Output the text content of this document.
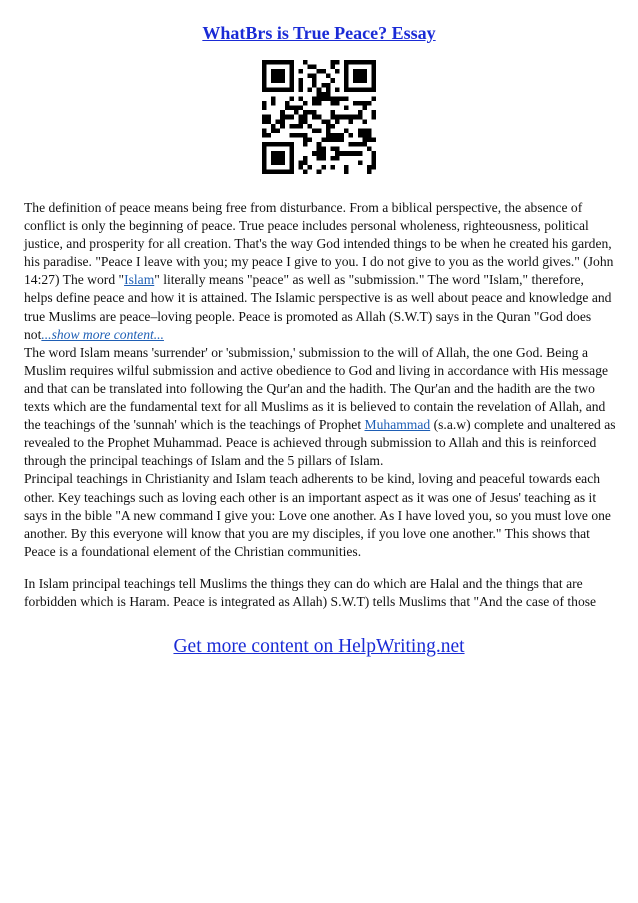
WhatBrs is True Peace? Essay

The definition of peace means being free from disturbance. From a biblical perspective, the absence of conflict is only the beginning of peace. True peace includes personal wholeness, righteousness, political justice, and prosperity for all creation. That's the way God intended things to be when he created his garden, his paradise. "Peace I leave with you; my peace I give to you. I do not give to you as the world gives." (John 14:27) The word "Islam" literally means "peace" as well as "submission." The word "Islam," therefore, helps define peace and how it is attained. The Islamic perspective is as well about peace and knowledge and true Muslims are peace–loving people. Peace is promoted as Allah (S.W.T) says in the Quran "God does not...show more content...

The word Islam means 'surrender' or 'submission,' submission to the will of Allah, the one God. Being a Muslim requires wilful submission and active obedience to God and living in accordance with His message and that can be translated into following the Qur'an and the hadith. The Qur'an and the hadith are the two texts which are the fundamental text for all Muslims as it is believed to contain the revelation of Allah, and the teachings of the 'sunnah' which is the teachings of Prophet Muhammad (s.a.w) complete and unaltered as revealed to the Prophet Muhammad. Peace is achieved through submission to Allah and this is reinforced through the principal teachings of Islam and the 5 pillars of Islam.

Principal teachings in Christianity and Islam teach adherents to be kind, loving and peaceful towards each other. Key teachings such as loving each other is an important aspect as it was one of Jesus' teaching as it says in the bible "A new command I give you: Love one another. As I have loved you, so you must love one another. By this everyone will know that you are my disciples, if you love one another." This shows that Peace is a foundational element of the Christian communities.

In Islam principal teachings tell Muslims the things they can do which are Halal and the things that are forbidden which is Haram. Peace is integrated as Allah) S.W.T) tells Muslims that "And the case of those

Get more content on HelpWriting.net
